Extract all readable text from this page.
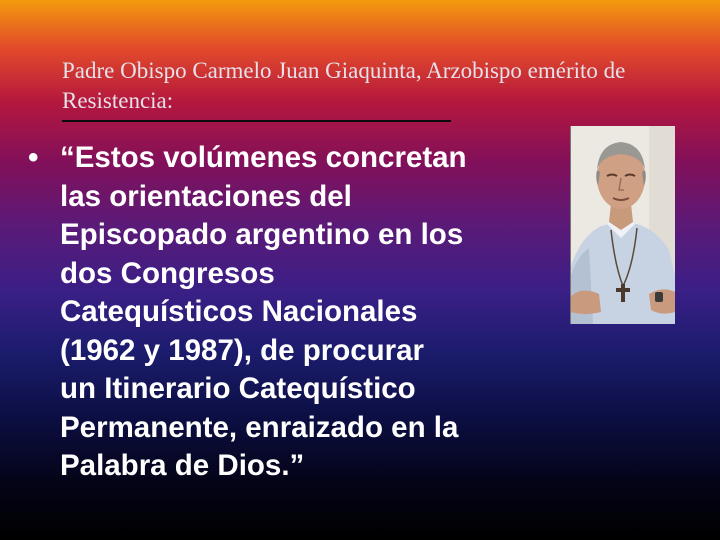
Padre Obispo Carmelo Juan Giaquinta, Arzobispo emérito de Resistencia:
• “Estos volúmenes concretan las orientaciones del Episcopado argentino en los dos Congresos Catequísticos Nacionales (1962 y 1987), de procurar un Itinerario Catequístico Permanente, enraizado en la Palabra de Dios.”
